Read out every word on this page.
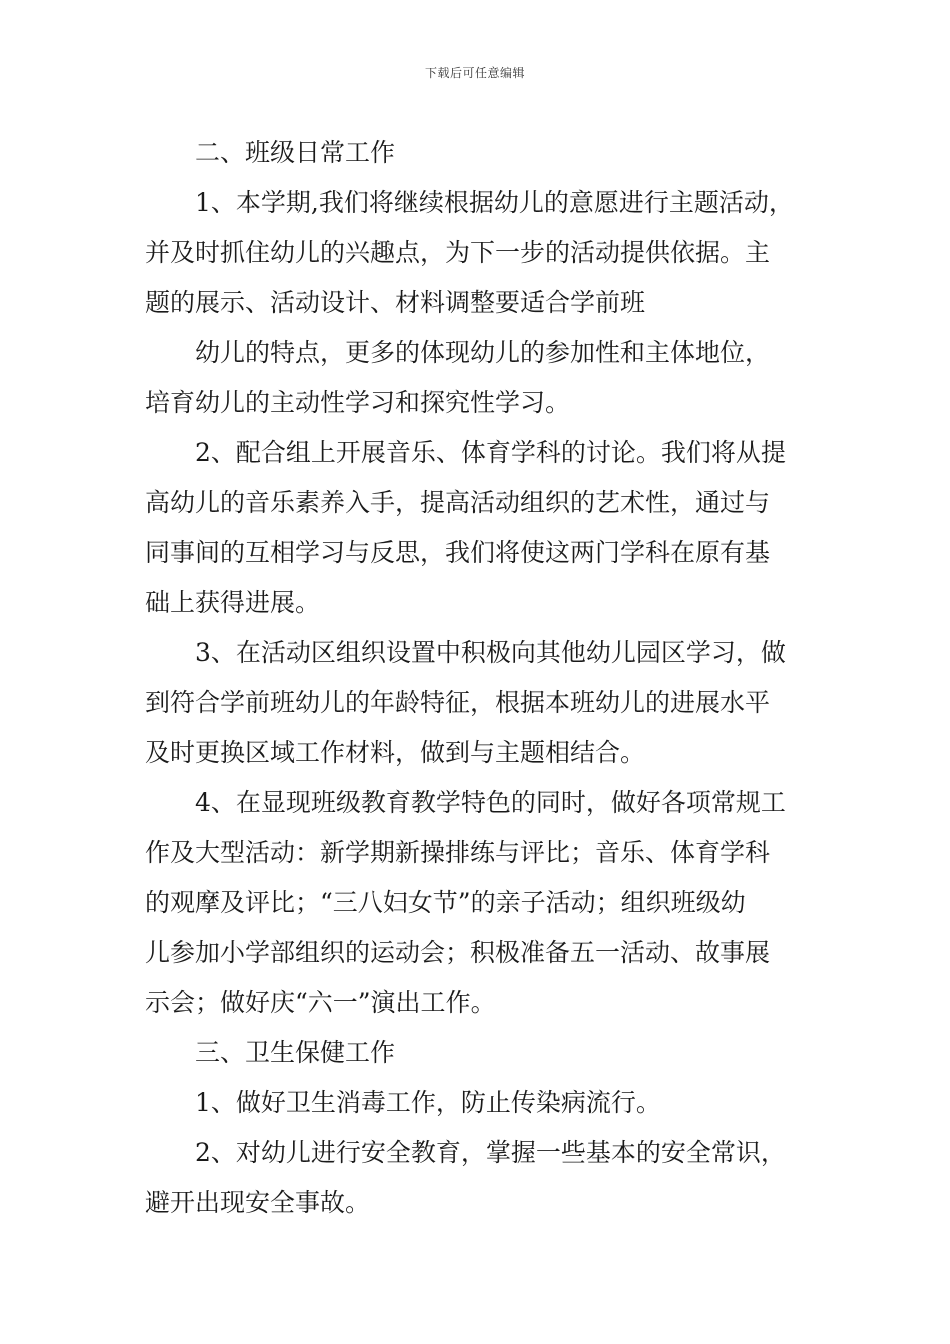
下载后可任意编辑
二、班级日常工作
1、本学期,我们将继续根据幼儿的意愿进行主题活动，
并及时抓住幼儿的兴趣点，为下一步的活动提供依据。主
题的展示、活动设计、材料调整要适合学前班
幼儿的特点，更多的体现幼儿的参加性和主体地位，
培育幼儿的主动性学习和探究性学习。
2、配合组上开展音乐、体育学科的讨论。我们将从提
高幼儿的音乐素养入手，提高活动组织的艺术性，通过与
同事间的互相学习与反思，我们将使这两门学科在原有基
础上获得进展。
3、在活动区组织设置中积极向其他幼儿园区学习，做
到符合学前班幼儿的年龄特征，根据本班幼儿的进展水平
及时更换区域工作材料，做到与主题相结合。
4、在显现班级教育教学特色的同时，做好各项常规工
作及大型活动：新学期新操排练与评比；音乐、体育学科
的观摩及评比；“三八妇女节”的亲子活动；组织班级幼
儿参加小学部组织的运动会；积极准备五一活动、故事展
示会；做好庆“六一”演出工作。
三、卫生保健工作
1、做好卫生消毒工作，防止传染病流行。
2、对幼儿进行安全教育，掌握一些基本的安全常识，
避开出现安全事故。
